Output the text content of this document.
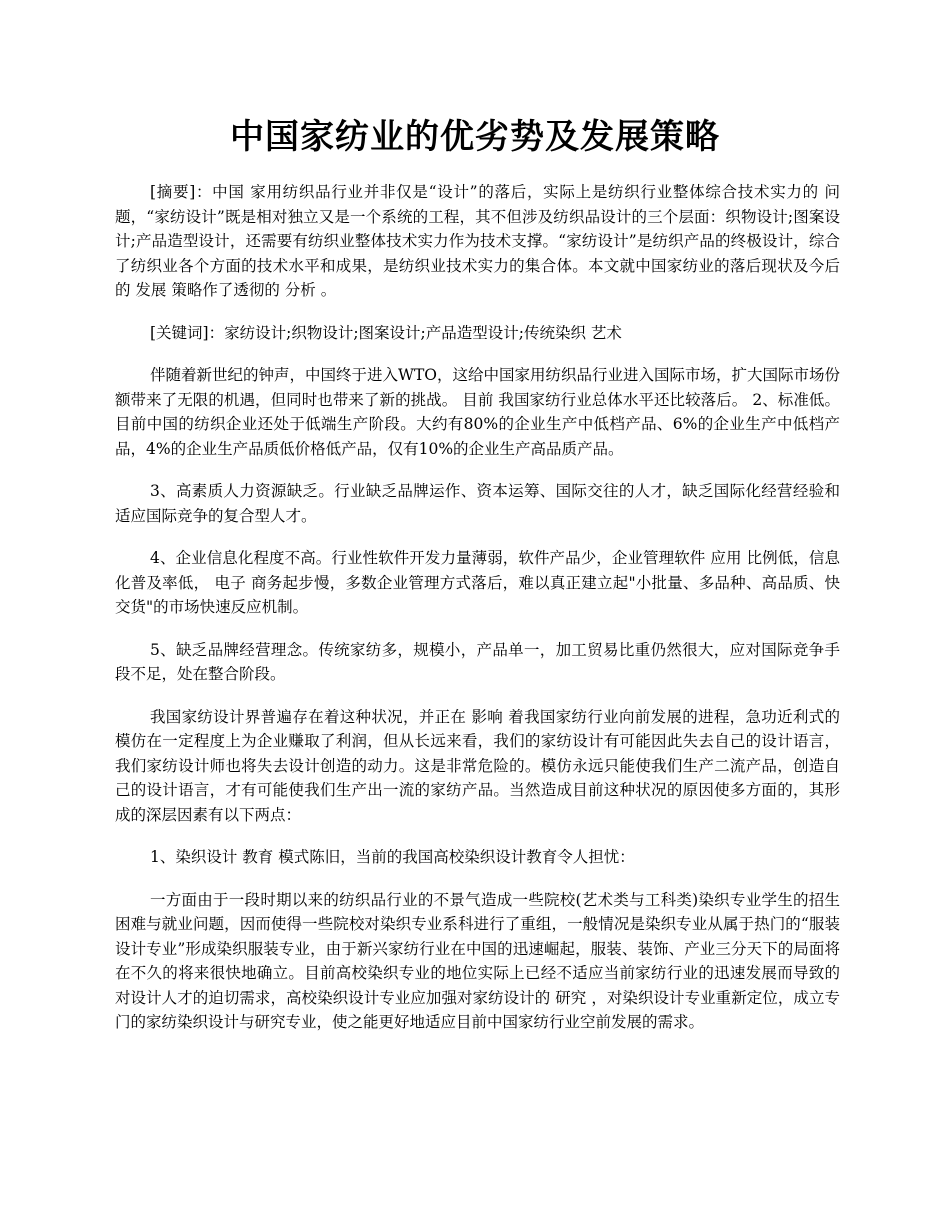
中国家纺业的优劣势及发展策略

[摘要]：中国 家用纺织品行业并非仅是“设计”的落后，实际上是纺织行业整体综合技术实力的 问题，“家纺设计”既是相对独立又是一个系统的工程，其不但涉及纺织品设计的三个层面：织物设计;图案设计;产品造型设计，还需要有纺织业整体技术实力作为技术支撑。“家纺设计”是纺织产品的终极设计，综合了纺织业各个方面的技术水平和成果，是纺织业技术实力的集合体。本文就中国家纺业的落后现状及今后的 发展 策略作了透彻的 分析 。

[关键词]：家纺设计;织物设计;图案设计;产品造型设计;传统染织 艺术

伴随着新世纪的钟声，中国终于进入WTO，这给中国家用纺织品行业进入国际市场，扩大国际市场份额带来了无限的机遇，但同时也带来了新的挑战。 目前 我国家纺行业总体水平还比较落后。 2、标准低。目前中国的纺织企业还处于低端生产阶段。大约有80%的企业生产中低档产品、6%的企业生产中低档产品，4%的企业生产品质低价格低产品，仅有10%的企业生产高品质产品。

3、高素质人力资源缺乏。行业缺乏品牌运作、资本运筹、国际交往的人才，缺乏国际化经营经验和适应国际竞争的复合型人才。

4、企业信息化程度不高。行业性软件开发力量薄弱，软件产品少，企业管理软件 应用 比例低，信息化普及率低， 电子 商务起步慢，多数企业管理方式落后，难以真正建立起"小批量、多品种、高品质、快交货"的市场快速反应机制。

5、缺乏品牌经营理念。传统家纺多，规模小，产品单一，加工贸易比重仍然很大，应对国际竞争手段不足，处在整合阶段。

我国家纺设计界普遍存在着这种状况，并正在 影响 着我国家纺行业向前发展的进程，急功近利式的模仿在一定程度上为企业赚取了利润，但从长远来看，我们的家纺设计有可能因此失去自己的设计语言，我们家纺设计师也将失去设计创造的动力。这是非常危险的。模仿永远只能使我们生产二流产品，创造自己的设计语言，才有可能使我们生产出一流的家纺产品。当然造成目前这种状况的原因使多方面的，其形成的深层因素有以下两点：

1、染织设计 教育 模式陈旧，当前的我国高校染织设计教育令人担忧：

一方面由于一段时期以来的纺织品行业的不景气造成一些院校(艺术类与工科类)染织专业学生的招生困难与就业问题，因而使得一些院校对染织专业系科进行了重组，一般情况是染织专业从属于热门的“服装设计专业”形成染织服装专业，由于新兴家纺行业在中国的迅速崛起，服装、装饰、产业三分天下的局面将在不久的将来很快地确立。目前高校染织专业的地位实际上已经不适应当前家纺行业的迅速发展而导致的对设计人才的迫切需求，高校染织设计专业应加强对家纺设计的 研究 ，对染织设计专业重新定位，成立专门的家纺染织设计与研究专业，使之能更好地适应目前中国家纺行业空前发展的需求。
